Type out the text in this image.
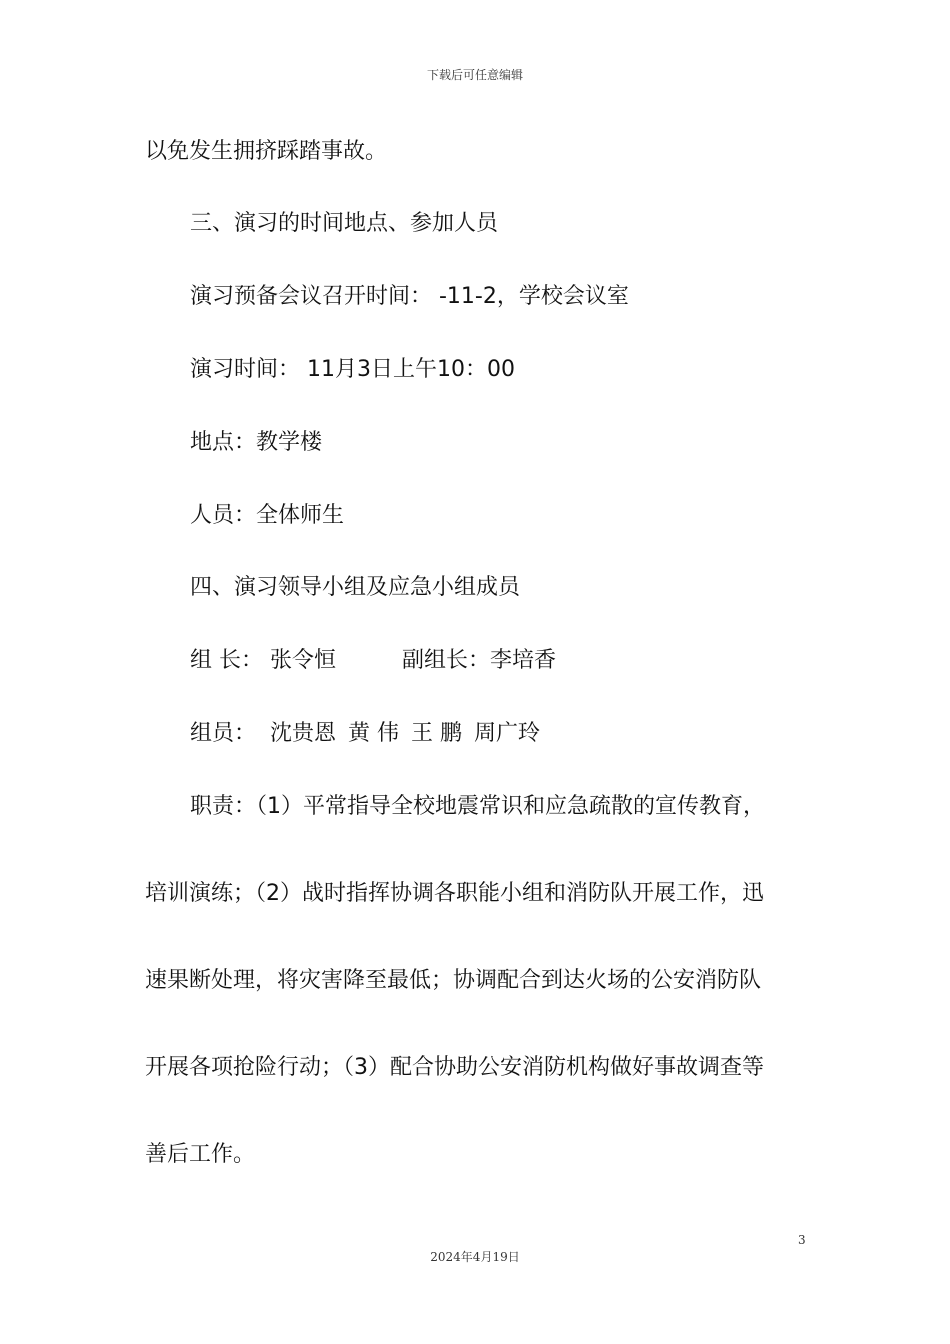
下载后可任意编辑
以免发生拥挤踩踏事故。
三、演习的时间地点、参加人员
演习预备会议召开时间： -11-2，学校会议室
演习时间： 11月3日上午10：00
地点：教学楼
人员：全体师生
四、演习领导小组及应急小组成员
组 长： 张令恒	副组长：李培香
组员： 沈贵恩 黄 伟 王 鹏 周广玲
职责：（1）平常指导全校地震常识和应急疏散的宣传教育，
培训演练；（2）战时指挥协调各职能小组和消防队开展工作，迅
速果断处理，将灾害降至最低；协调配合到达火场的公安消防队
开展各项抢险行动；（3）配合协助公安消防机构做好事故调查等
善后工作。
3
2024年4月19日
